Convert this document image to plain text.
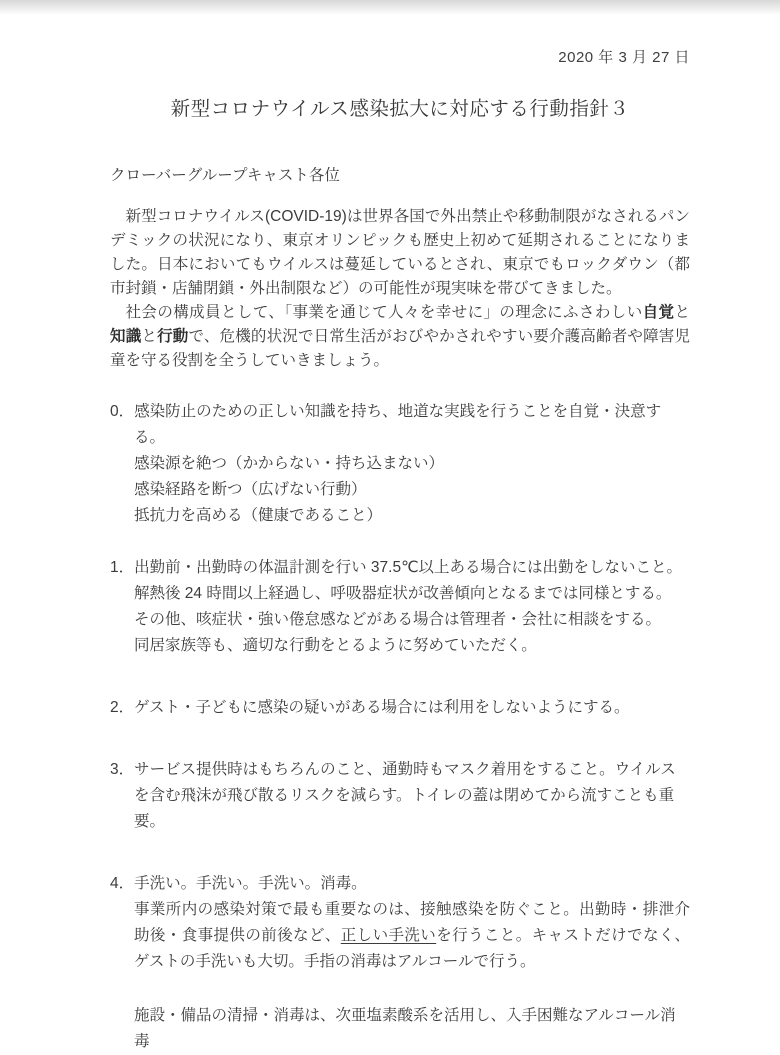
2020 年 3 月 27 日
新型コロナウイルス感染拡大に対応する行動指針３
クローバーグループキャスト各位

新型コロナウイルス(COVID-19)は世界各国で外出禁止や移動制限がなされるパンデミックの状況になり、東京オリンピックも歴史上初めて延期されることになりました。日本においてもウイルスは蔓延しているとされ、東京でもロックダウン（都市封鎖・店舗閉鎖・外出制限など）の可能性が現実味を帯びてきました。

社会の構成員として、「事業を通じて人々を幸せに」の理念にふさわしい自覚と知識と行動で、危機的状況で日常生活がおびやかされやすい要介護高齢者や障害児童を守る役割を全うしていきましょう。

0．感染防止のための正しい知識を持ち、地道な実践を行うことを自覚・決意する。
感染源を絶つ（かからない・持ち込まない）
感染経路を断つ（広げない行動）
抵抗力を高める（健康であること）
1．出勤前・出勤時の体温計測を行い 37.5℃以上ある場合には出勤をしないこと。
解熱後 24 時間以上経過し、呼吸器症状が改善傾向となるまでは同様とする。
その他、咳症状・強い倦怠感などがある場合は管理者・会社に相談をする。
同居家族等も、適切な行動をとるように努めていただく。
2．ゲスト・子どもに感染の疑いがある場合には利用をしないようにする。
3．サービス提供時はもちろんのこと、通勤時もマスク着用をすること。ウイルスを含む飛沫が飛び散るリスクを減らす。トイレの蓋は閉めてから流すことも重要。
4．手洗い。手洗い。手洗い。消毒。
事業所内の感染対策で最も重要なのは、接触感染を防ぐこと。出勤時・排泄介助後・食事提供の前後など、正しい手洗いを行うこと。キャストだけでなく、ゲストの手洗いも大切。手指の消毒はアルコールで行う。
施設・備品の清掃・消毒は、次亜塩素酸系を活用し、入手困難なアルコール消毒
